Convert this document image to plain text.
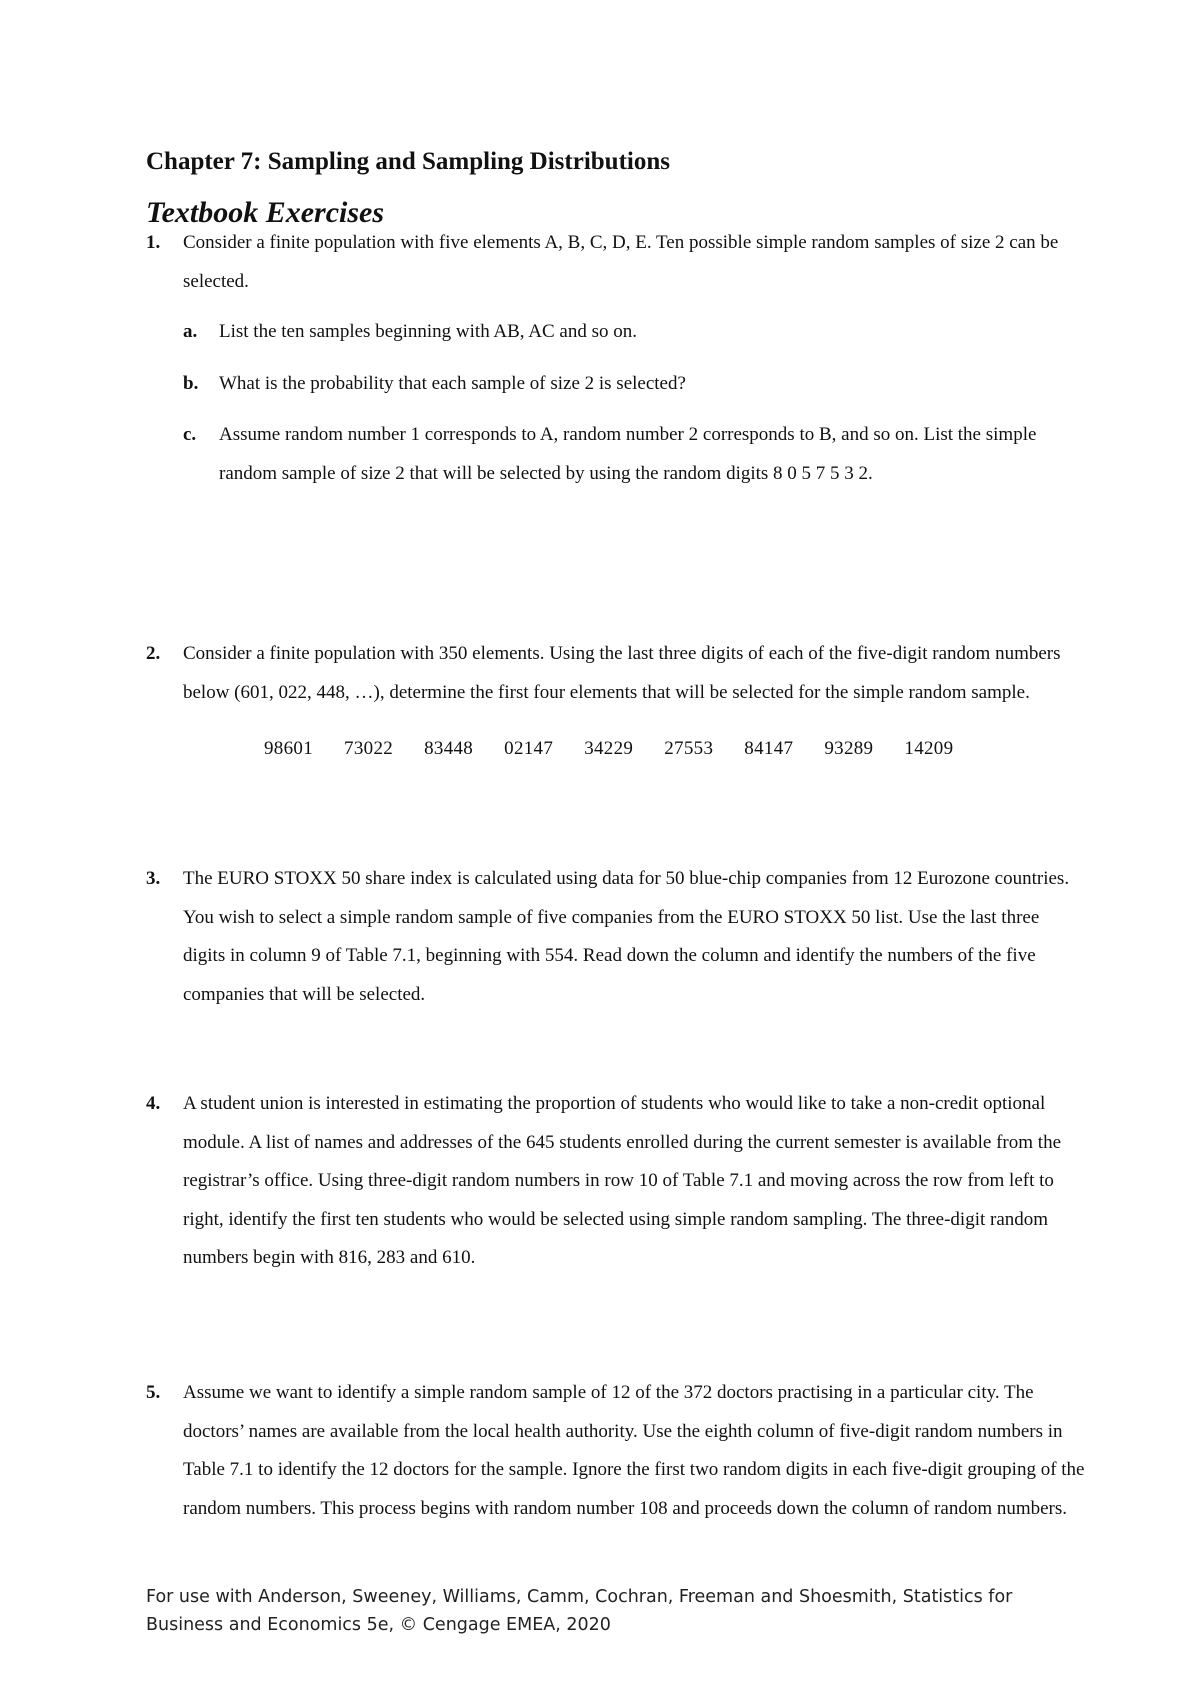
Chapter 7: Sampling and Sampling Distributions
Textbook Exercises
1. Consider a finite population with five elements A, B, C, D, E. Ten possible simple random samples of size 2 can be selected.
a. List the ten samples beginning with AB, AC and so on.
b. What is the probability that each sample of size 2 is selected?
c. Assume random number 1 corresponds to A, random number 2 corresponds to B, and so on. List the simple random sample of size 2 that will be selected by using the random digits 8 0 5 7 5 3 2.
2. Consider a finite population with 350 elements. Using the last three digits of each of the five-digit random numbers below (601, 022, 448, …), determine the first four elements that will be selected for the simple random sample.
98601 73022 83448 02147 34229 27553 84147 93289 14209
3. The EURO STOXX 50 share index is calculated using data for 50 blue-chip companies from 12 Eurozone countries. You wish to select a simple random sample of five companies from the EURO STOXX 50 list. Use the last three digits in column 9 of Table 7.1, beginning with 554. Read down the column and identify the numbers of the five companies that will be selected.
4. A student union is interested in estimating the proportion of students who would like to take a non-credit optional module. A list of names and addresses of the 645 students enrolled during the current semester is available from the registrar’s office. Using three-digit random numbers in row 10 of Table 7.1 and moving across the row from left to right, identify the first ten students who would be selected using simple random sampling. The three-digit random numbers begin with 816, 283 and 610.
5. Assume we want to identify a simple random sample of 12 of the 372 doctors practising in a particular city. The doctors’ names are available from the local health authority. Use the eighth column of five-digit random numbers in Table 7.1 to identify the 12 doctors for the sample. Ignore the first two random digits in each five-digit grouping of the random numbers. This process begins with random number 108 and proceeds down the column of random numbers.
For use with Anderson, Sweeney, Williams, Camm, Cochran, Freeman and Shoesmith, Statistics for Business and Economics 5e, © Cengage EMEA, 2020
